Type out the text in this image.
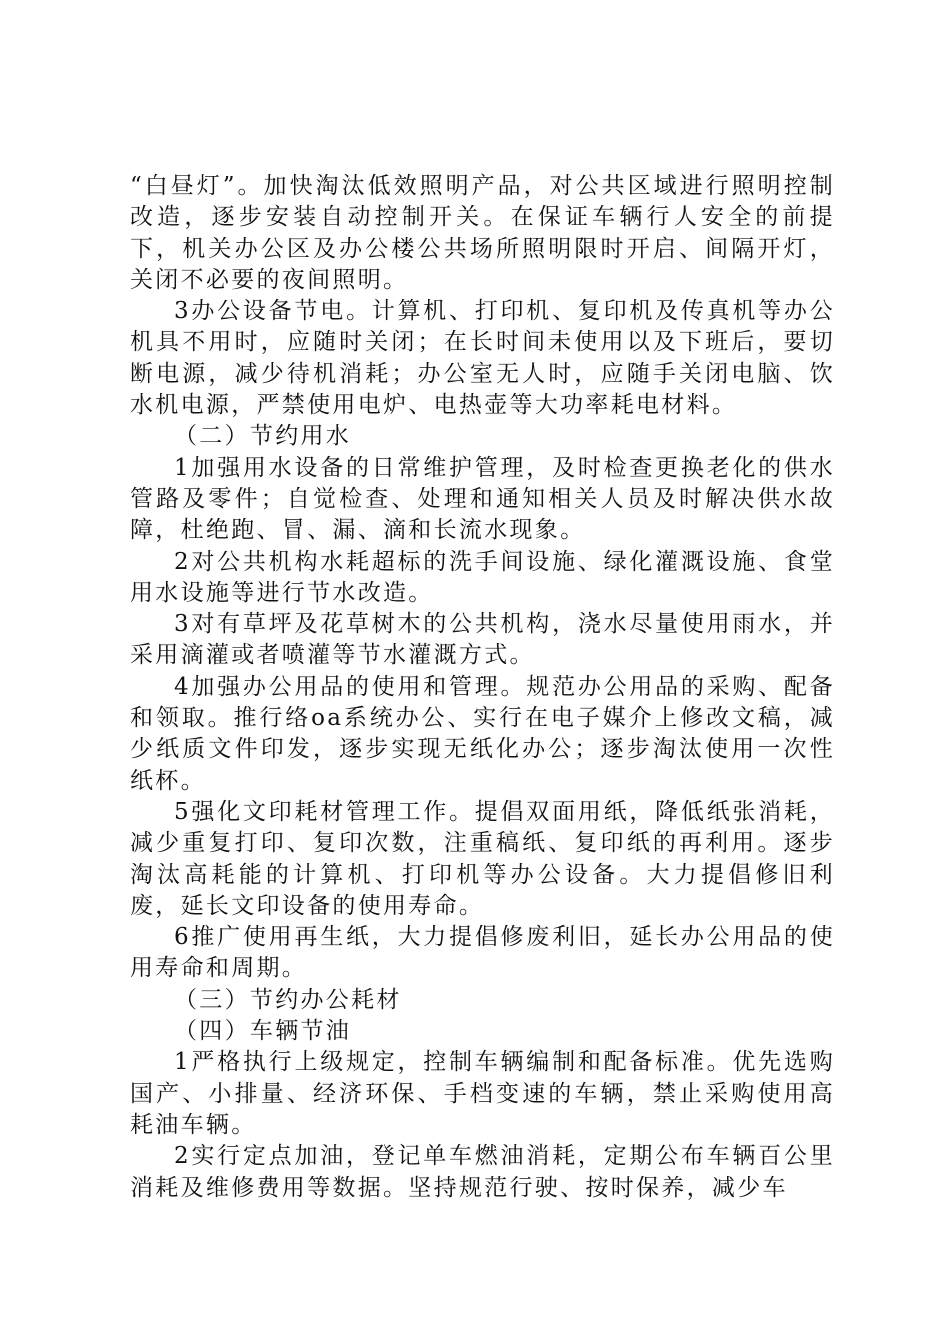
“白昼灯”。加快淘汰低效照明产品，对公共区域进行照明控制改造，逐步安装自动控制开关。在保证车辆行人安全的前提下，机关办公区及办公楼公共场所照明限时开启、间隔开灯，关闭不必要的夜间照明。

3办公设备节电。计算机、打印机、复印机及传真机等办公机具不用时，应随时关闭；在长时间未使用以及下班后，要切断电源，减少待机消耗；办公室无人时，应随手关闭电脑、饮水机电源，严禁使用电炉、电热壶等大功率耗电材料。

（二）节约用水

1加强用水设备的日常维护管理，及时检查更换老化的供水管路及零件；自觉检查、处理和通知相关人员及时解决供水故障，杜绝跑、冒、漏、滴和长流水现象。

2对公共机构水耗超标的洗手间设施、绿化灌溉设施、食堂用水设施等进行节水改造。

3对有草坪及花草树木的公共机构，浇水尽量使用雨水，并采用滴灌或者喷灌等节水灌溉方式。

4加强办公用品的使用和管理。规范办公用品的采购、配备和领取。推行络oa系统办公、实行在电子媒介上修改文稿，减少纸质文件印发，逐步实现无纸化办公；逐步淘汰使用一次性纸杯。

5强化文印耗材管理工作。提倡双面用纸，降低纸张消耗，减少重复打印、复印次数，注重稿纸、复印纸的再利用。逐步淘汰高耗能的计算机、打印机等办公设备。大力提倡修旧利废，延长文印设备的使用寿命。

6推广使用再生纸，大力提倡修废利旧，延长办公用品的使用寿命和周期。

（三）节约办公耗材

（四）车辆节油

1严格执行上级规定，控制车辆编制和配备标准。优先选购国产、小排量、经济环保、手档变速的车辆，禁止采购使用高耗油车辆。

2实行定点加油，登记单车燃油消耗，定期公布车辆百公里消耗及维修费用等数据。坚持规范行驶、按时保养，减少车
